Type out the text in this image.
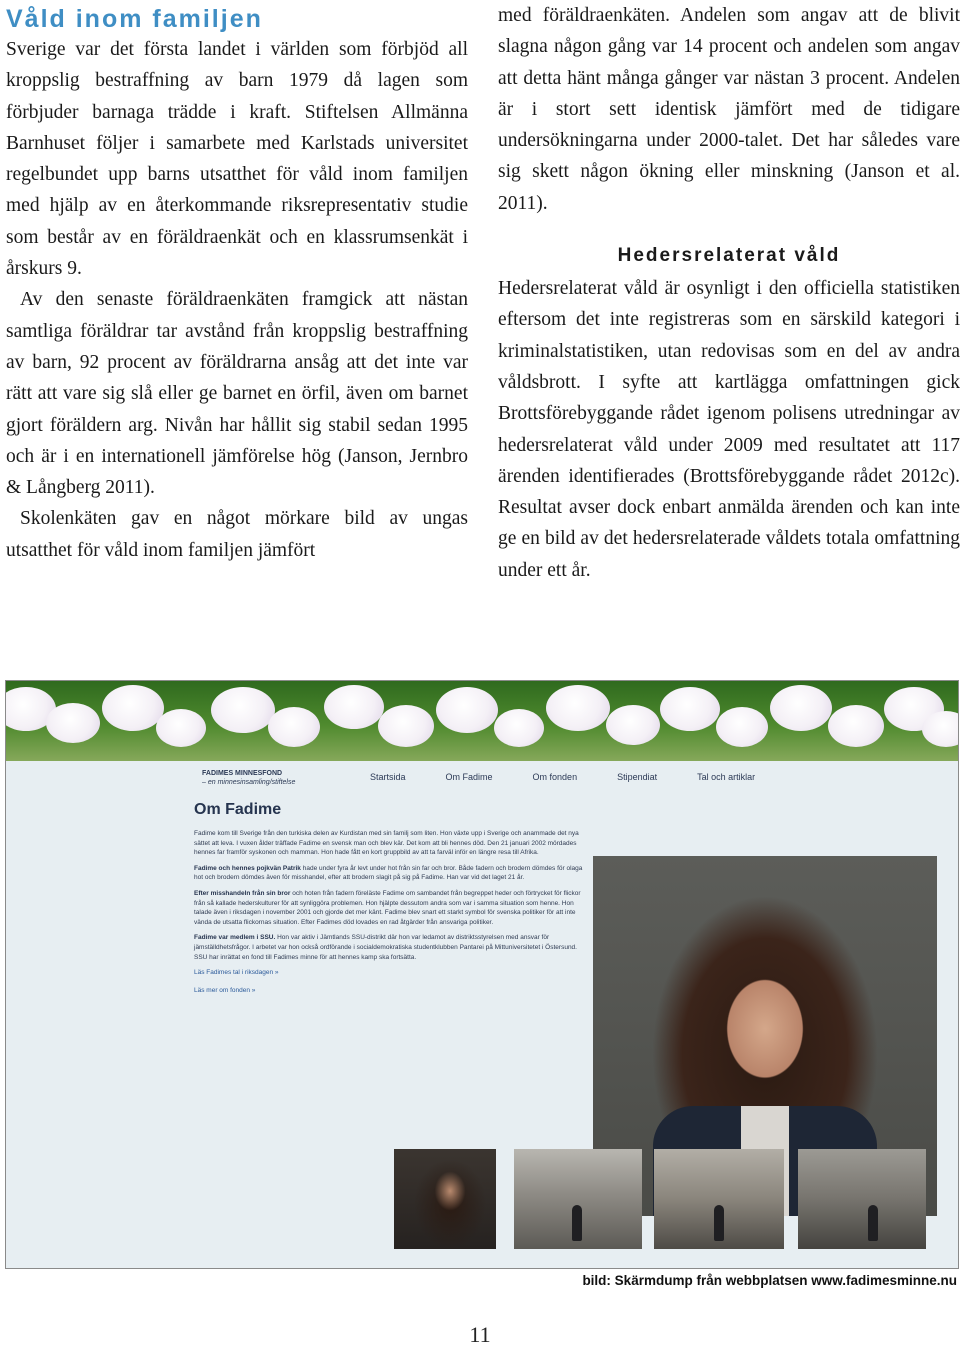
Våld inom familjen

Sverige var det första landet i världen som förbjöd all kroppslig bestraffning av barn 1979 då lagen som förbjuder barnaga trädde i kraft. Stiftelsen Allmänna Barnhuset följer i samarbete med Karlstads universitet regelbundet upp barns utsatthet för våld inom familjen med hjälp av en återkommande riksrepresentativ studie som består av en föräldraenkät och en klassrumsenkät i årskurs 9.

Av den senaste föräldraenkäten framgick att nästan samtliga föräldrar tar avstånd från kroppslig bestraffning av barn, 92 procent av föräldrarna ansåg att det inte var rätt att vare sig slå eller ge barnet en örfil, även om barnet gjort föräldern arg. Nivån har hållit sig stabil sedan 1995 och är i en internationell jämförelse hög (Janson, Jernbro & Långberg 2011).

Skolenkäten gav en något mörkare bild av ungas utsatthet för våld inom familjen jämfört

med föräldraenkäten. Andelen som angav att de blivit slagna någon gång var 14 procent och andelen som angav att detta hänt många gånger var nästan 3 procent. Andelen är i stort sett identisk jämfört med de tidigare undersökningarna under 2000-talet. Det har således vare sig skett någon ökning eller minskning (Janson et al. 2011).

Hedersrelaterat våld

Hedersrelaterat våld är osynligt i den officiella statistiken eftersom det inte registreras som en särskild kategori i kriminalstatistiken, utan redovisas som en del av andra våldsbrott. I syfte att kartlägga omfattningen gick Brottsförebyggande rådet igenom polisens utredningar av hedersrelaterat våld under 2009 med resultatet att 117 ärenden identifierades (Brottsförebyggande rådet 2012c). Resultat avser dock enbart anmälda ärenden och kan inte ge en bild av det hedersrelaterade våldets totala omfattning under ett år.

FADIMES MINNESFOND
– en minnesinsamling/stiftelse
Startsida	Om Fadime	Om fonden	Stipendiat	Tal och artiklar
Om Fadime

Fadime kom till Sverige från den turkiska delen av Kurdistan med sin familj som liten. Hon växte upp i Sverige och anammade det nya sättet att leva. I vuxen ålder träffade Fadime en svensk man och blev kär. Det kom att bli hennes död. Den 21 januari 2002 mördades hennes far framför syskonen och mamman. Hon hade fått en kort gruppbild av att ta farväl inför en längre resa till Afrika.

Fadime och hennes pojkvän Patrik hade under fyra år levt under hot från sin far och bror. Både fadern och brodern dömdes för olaga hot och brodern dömdes även för misshandel, efter att brodern slagit på sig på Fadime. Han var vid det laget 21 år.

Efter misshandeln från sin bror och hoten från fadern föreläste Fadime om sambandet från begreppet heder och förtrycket för flickor från så kallade hederskulturer för att synliggöra problemen. Hon hjälpte dessutom andra som var i samma situation som henne. Hon talade även i riksdagen i november 2001 och gjorde det mer känt. Fadime blev snart ett starkt symbol för svenska politiker för att inte vända de utsatta flickornas situation. Efter Fadimes död lovades en rad åtgärder från ansvariga politiker.

Fadime var medlem i SSU. Hon var aktiv i Jämtlands SSU-distrikt där hon var ledamot av distriktsstyrelsen med ansvar för jämställdhetsfrågor. I arbetet var hon också ordförande i socialdemokratiska studentklubben Pantarei på Mittuniversitetet i Östersund. SSU har inrättat en fond till Fadimes minne för att hennes kamp ska fortsätta.

Läs Fadimes tal i riksdagen »

Läs mer om fonden »

bild: Skärmdump från webbplatsen www.fadimesminne.nu
11
